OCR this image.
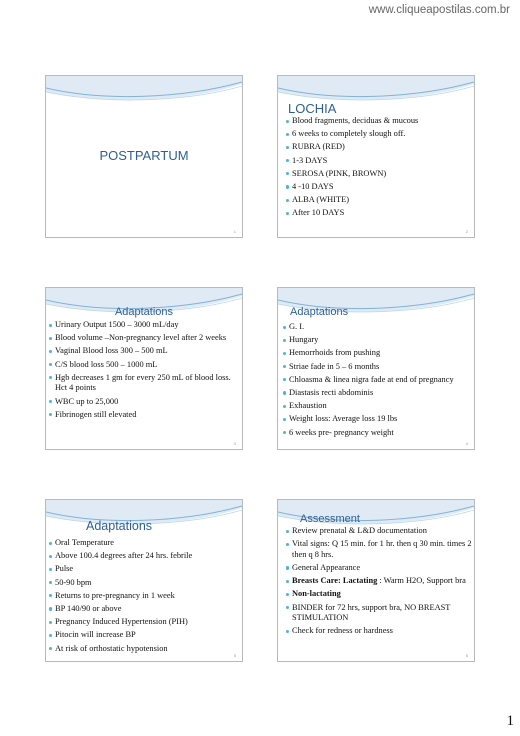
www.cliqueapostilas.com.br
POSTPARTUM
1
LOCHIA
Blood fragments, deciduas & mucous
6 weeks to completely slough off.
RUBRA (RED)
1-3 DAYS
SEROSA (PINK, BROWN)
4 -10 DAYS
ALBA (WHITE)
After 10 DAYS
2
Adaptations
Urinary Output 1500 – 3000 mL/day
Blood volume –Non-pregnancy level after 2 weeks
Vaginal Blood loss 300 – 500 mL
C/S blood loss 500 – 1000 mL
Hgb decreases 1 gm for every 250 mL of blood loss. Hct 4 points
WBC up to 25,000
Fibrinogen still elevated
3
Adaptations
G. I.
Hungary
Hemorrhoids from pushing
Striae fade in 5 – 6 months
Chloasma & linea nigra fade at end of pregnancy
Diastasis recti abdominis
Exhaustion
Weight loss: Average loss 19 lbs
6 weeks pre- pregnancy weight
4
Adaptations
Oral Temperature
Above 100.4 degrees after 24 hrs. febrile
Pulse
50-90 bpm
Returns to pre-pregnancy in 1 week
BP 140/90 or above
Pregnancy Induced Hypertension (PIH)
Pitocin will increase BP
At risk of orthostatic hypotension
5
Assessment
Review prenatal & L&D documentation
Vital signs: Q 15 min. for 1 hr. then q 30 min. times 2 then q 8 hrs.
General Appearance
Breasts Care: Lactating : Warm H2O, Support bra
Non-lactating
BINDER for 72 hrs, support bra, NO BREAST STIMULATION
Check for redness or hardness
6
1
